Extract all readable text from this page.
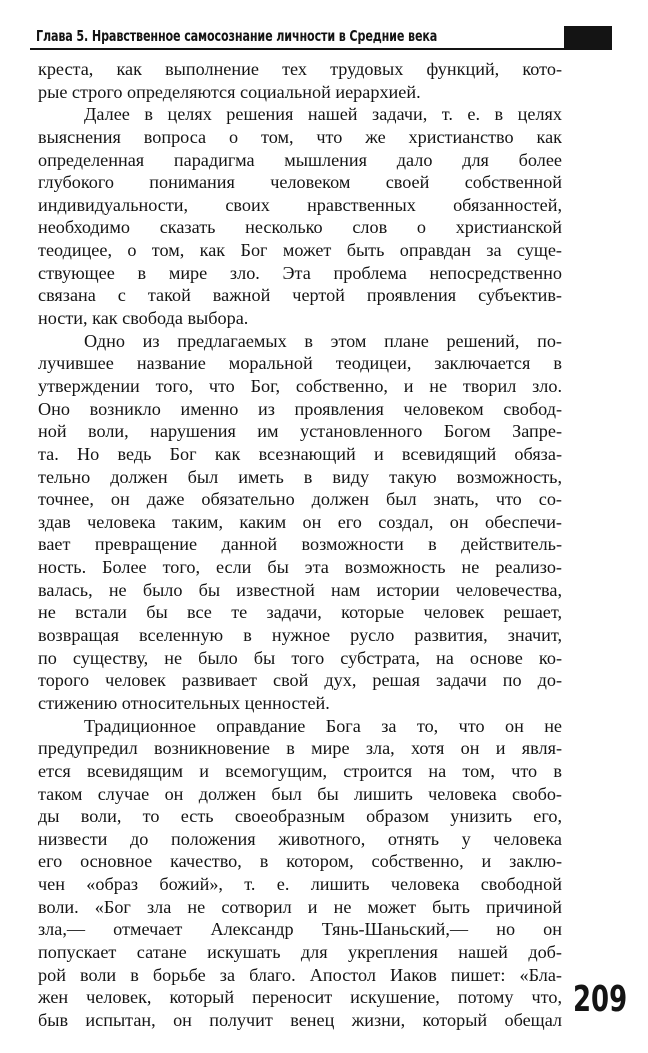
Глава 5. Нравственное самосознание личности в Средние века
креста, как выполнение тех трудовых функций, кото-
рые строго определяются социальной иерархией.
Далее в целях решения нашей задачи, т. е. в целях
выяснения вопроса о том, что же христианство как
определенная парадигма мышления дало для более
глубокого понимания человеком своей собственной
индивидуальности, своих нравственных обязанностей,
необходимо сказать несколько слов о христианской
теодицее, о том, как Бог может быть оправдан за суще-
ствующее в мире зло. Эта проблема непосредственно
связана с такой важной чертой проявления субъектив-
ности, как свобода выбора.
Одно из предлагаемых в этом плане решений, по-
лучившее название моральной теодицеи, заключается в
утверждении того, что Бог, собственно, и не творил зло.
Оно возникло именно из проявления человеком свобод-
ной воли, нарушения им установленного Богом Запре-
та. Но ведь Бог как всезнающий и всевидящий обяза-
тельно должен был иметь в виду такую возможность,
точнее, он даже обязательно должен был знать, что со-
здав человека таким, каким он его создал, он обеспечи-
вает превращение данной возможности в действитель-
ность. Более того, если бы эта возможность не реализо-
валась, не было бы известной нам истории человечества,
не встали бы все те задачи, которые человек решает,
возвращая вселенную в нужное русло развития, значит,
по существу, не было бы того субстрата, на основе ко-
торого человек развивает свой дух, решая задачи по до-
стижению относительных ценностей.
Традиционное оправдание Бога за то, что он не
предупредил возникновение в мире зла, хотя он и явля-
ется всевидящим и всемогущим, строится на том, что в
таком случае он должен был бы лишить человека свобо-
ды воли, то есть своеобразным образом унизить его,
низвести до положения животного, отнять у человека
его основное качество, в котором, собственно, и заклю-
чен «образ божий», т. е. лишить человека свободной
воли. «Бог зла не сотворил и не может быть причиной
зла,— отмечает Александр Тянь-Шаньский,— но он
попускает сатане искушать для укрепления нашей доб-
рой воли в борьбе за благо. Апостол Иаков пишет: «Бла-
жен человек, который переносит искушение, потому что,
быв испытан, он получит венец жизни, который обещал 209
